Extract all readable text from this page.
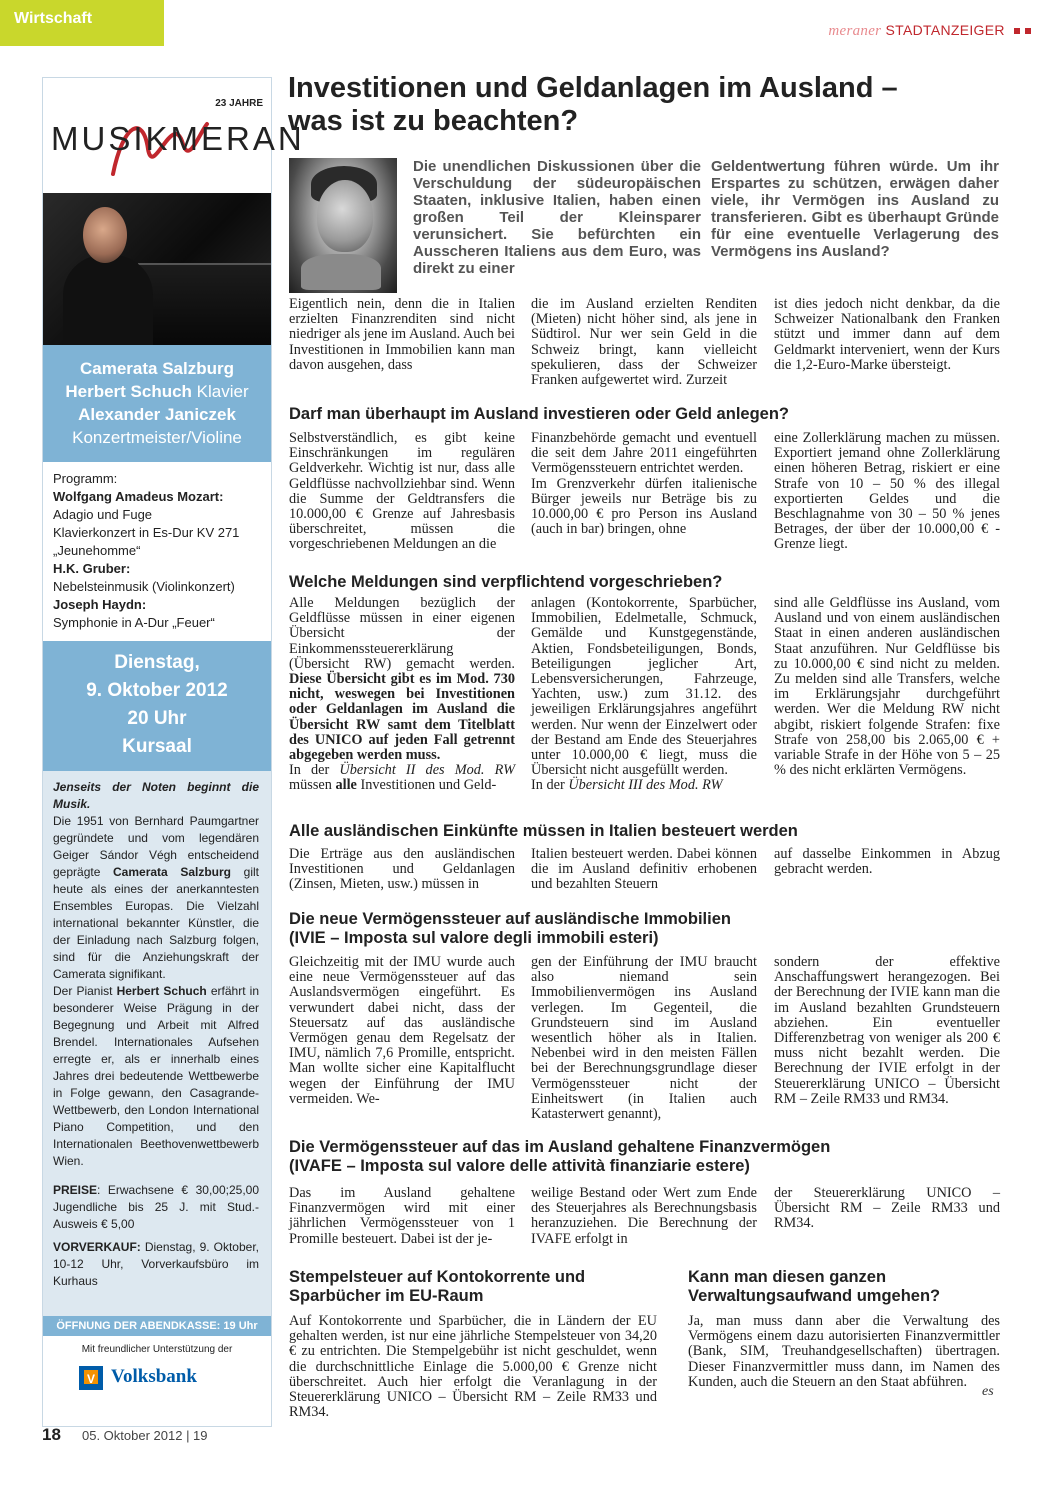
Wirtschaft
meraner STADTANZEIGER
23 JAHRE
MUSIKMERAN
Camerata Salzburg
Herbert Schuch Klavier
Alexander Janiczek
Konzertmeister/Violine
Programm:
Wolfgang Amadeus Mozart:
Adagio und Fuge
Klavierkonzert in Es-Dur KV 271
„Jeunehomme“
H.K. Gruber:
Nebelsteinmusik (Violinkonzert)
Joseph Haydn:
Symphonie in A-Dur „Feuer“
Dienstag,
9. Oktober 2012
20 Uhr
Kursaal

Jenseits der Noten beginnt die Musik.

Die 1951 von Bernhard Paumgartner gegründete und vom legendären Geiger Sándor Végh entscheidend geprägte Camerata Salzburg gilt heute als eines der anerkanntesten Ensembles Europas. Die Vielzahl international bekannter Künstler, die der Einladung nach Salzburg folgen, sind für die Anziehungskraft der Camerata signifikant.

Der Pianist Herbert Schuch erfährt in besonderer Weise Prägung in der Begegnung und Arbeit mit Alfred Brendel. Internationales Aufsehen erregte er, als er innerhalb eines Jahres drei bedeutende Wettbewerbe in Folge gewann, den Casagrande-Wettbewerb, den London International Piano Competition, und den Internationalen Beethovenwettbewerb Wien.

PREISE: Erwachsene € 30,00;25,00 Jugendliche bis 25 J. mit Stud.-Ausweis € 5,00

VORVERKAUF: Dienstag, 9. Oktober, 10-12 Uhr, Vorverkaufsbüro im Kurhaus

ÖFFNUNG DER ABENDKASSE: 19 Uhr
Mit freundlicher Unterstützung der
V Volksbank
Investitionen und Geldanlagen im Ausland –
was ist zu beachten?
Die unendlichen Diskussionen über die Verschuldung der südeuropäischen Staaten, inklusive Italien, haben einen großen Teil der Kleinsparer verunsichert. Sie befürchten ein Ausscheren Italiens aus dem Euro, was direkt zu einer
Geldentwertung führen würde. Um ihr Erspartes zu schützen, erwägen daher viele, ihr Vermögen ins Ausland zu transferieren. Gibt es überhaupt Gründe für eine eventuelle Verlagerung des Vermögens ins Ausland?
Eigentlich nein, denn die in Italien erzielten Finanzrenditen sind nicht niedriger als jene im Ausland. Auch bei Investitionen in Immobilien kann man davon ausgehen, dass
die im Ausland erzielten Renditen (Mieten) nicht höher sind, als jene in Südtirol. Nur wer sein Geld in die Schweiz bringt, kann vielleicht spekulieren, dass der Schweizer Franken aufgewertet wird. Zurzeit
ist dies jedoch nicht denkbar, da die Schweizer Nationalbank den Franken stützt und immer dann auf dem Geldmarkt interveniert, wenn der Kurs die 1,2-Euro-Marke übersteigt.
Darf man überhaupt im Ausland investieren oder Geld anlegen?
Selbstverständlich, es gibt keine Einschränkungen im regulären Geldverkehr. Wichtig ist nur, dass alle Geldflüsse nachvollziehbar sind. Wenn die Summe der Geldtransfers die 10.000,00 € Grenze auf Jahresbasis überschreitet, müssen die vorgeschriebenen Meldungen an die

Finanzbehörde gemacht und eventuell die seit dem Jahre 2011 eingeführten Vermögenssteuern entrichtet werden.

Im Grenzverkehr dürfen italienische Bürger jeweils nur Beträge bis zu 10.000,00 € pro Person ins Ausland (auch in bar) bringen, ohne

eine Zollerklärung machen zu müssen. Exportiert jemand ohne Zollerklärung einen höheren Betrag, riskiert er eine Strafe von 10 – 50 % des illegal exportierten Geldes und die Beschlagnahme von 30 – 50 % jenes Betrages, der über der 10.000,00 € - Grenze liegt.
Welche Meldungen sind verpflichtend vorgeschrieben?

Alle Meldungen bezüglich der Geldflüsse müssen in einer eigenen Übersicht der Einkommenssteuererklärung (Übersicht RW) gemacht werden. Diese Übersicht gibt es im Mod. 730 nicht, weswegen bei Investitionen oder Geldanlagen im Ausland die Übersicht RW samt dem Titelblatt des UNICO auf jeden Fall getrennt abgegeben werden muss.

In der Übersicht II des Mod. RW müssen alle Investitionen und Geld-

anlagen (Kontokorrente, Sparbücher, Immobilien, Edelmetalle, Schmuck, Gemälde und Kunstgegenstände, Aktien, Fondsbeteiligungen, Bonds, Beteiligungen jeglicher Art, Lebensversicherungen, Fahrzeuge, Yachten, usw.) zum 31.12. des jeweiligen Erklärungsjahres angeführt werden. Nur wenn der Einzelwert oder der Bestand am Ende des Steuerjahres unter 10.000,00 € liegt, muss die Übersicht nicht ausgefüllt werden.

In der Übersicht III des Mod. RW

sind alle Geldflüsse ins Ausland, vom Ausland und von einem ausländischen Staat in einen anderen ausländischen Staat anzuführen. Nur Geldflüsse bis zu 10.000,00 € sind nicht zu melden. Zu melden sind alle Transfers, welche im Erklärungsjahr durchgeführt werden. Wer die Meldung RW nicht abgibt, riskiert folgende Strafen: fixe Strafe von 258,00 bis 2.065,00 € + variable Strafe in der Höhe von 5 – 25 % des nicht erklärten Vermögens.
Alle ausländischen Einkünfte müssen in Italien besteuert werden
Die Erträge aus den ausländischen Investitionen und Geldanlagen (Zinsen, Mieten, usw.) müssen in
Italien besteuert werden. Dabei können die im Ausland definitiv erhobenen und bezahlten Steuern
auf dasselbe Einkommen in Abzug gebracht werden.
Die neue Vermögenssteuer auf ausländische Immobilien
(IVIE – Imposta sul valore degli immobili esteri)
Gleichzeitig mit der IMU wurde auch eine neue Vermögenssteuer auf das Auslandsvermögen eingeführt. Es verwundert dabei nicht, dass der Steuersatz auf das ausländische Vermögen genau dem Regelsatz der IMU, nämlich 7,6 Promille, entspricht. Man wollte sicher eine Kapitalflucht wegen der Einführung der IMU vermeiden. We-
gen der Einführung der IMU braucht also niemand sein Immobilienvermögen ins Ausland verlegen. Im Gegenteil, die Grundsteuern sind im Ausland wesentlich höher als in Italien. Nebenbei wird in den meisten Fällen bei der Berechnungsgrundlage dieser Vermögenssteuer nicht der Einheitswert (in Italien auch Katasterwert genannt),
sondern der effektive Anschaffungswert herangezogen. Bei der Berechnung der IVIE kann man die im Ausland bezahlten Grundsteuern abziehen. Ein eventueller Differenzbetrag von weniger als 200 € muss nicht bezahlt werden. Die Berechnung der IVIE erfolgt in der Steuererklärung UNICO – Übersicht RM – Zeile RM33 und RM34.
Die Vermögenssteuer auf das im Ausland gehaltene Finanzvermögen
(IVAFE – Imposta sul valore delle attività finanziarie estere)
Das im Ausland gehaltene Finanzvermögen wird mit einer jährlichen Vermögenssteuer von 1 Promille besteuert. Dabei ist der je-
weilige Bestand oder Wert zum Ende des Steuerjahres als Berechnungsbasis heranzuziehen. Die Berechnung der IVAFE erfolgt in
der Steuererklärung UNICO – Übersicht RM – Zeile RM33 und RM34.
Stempelsteuer auf Kontokorrente und
Sparbücher im EU-Raum
Auf Kontokorrente und Sparbücher, die in Ländern der EU gehalten werden, ist nur eine jährliche Stempelsteuer von 34,20 € zu entrichten. Die Stempelgebühr ist nicht geschuldet, wenn die durchschnittliche Einlage die 5.000,00 € Grenze nicht überschreitet. Auch hier erfolgt die Veranlagung in der Steuererklärung UNICO – Übersicht RM – Zeile RM33 und RM34.
Kann man diesen ganzen
Verwaltungsaufwand umgehen?
Ja, man muss dann aber die Verwaltung des Vermögens einem dazu autorisierten Finanzvermittler (Bank, SIM, Treuhandgesellschaften) übertragen. Dieser Finanzvermittler muss dann, im Namen des Kunden, auch die Steuern an den Staat abführen.
es
18 05. Oktober 2012 | 19
